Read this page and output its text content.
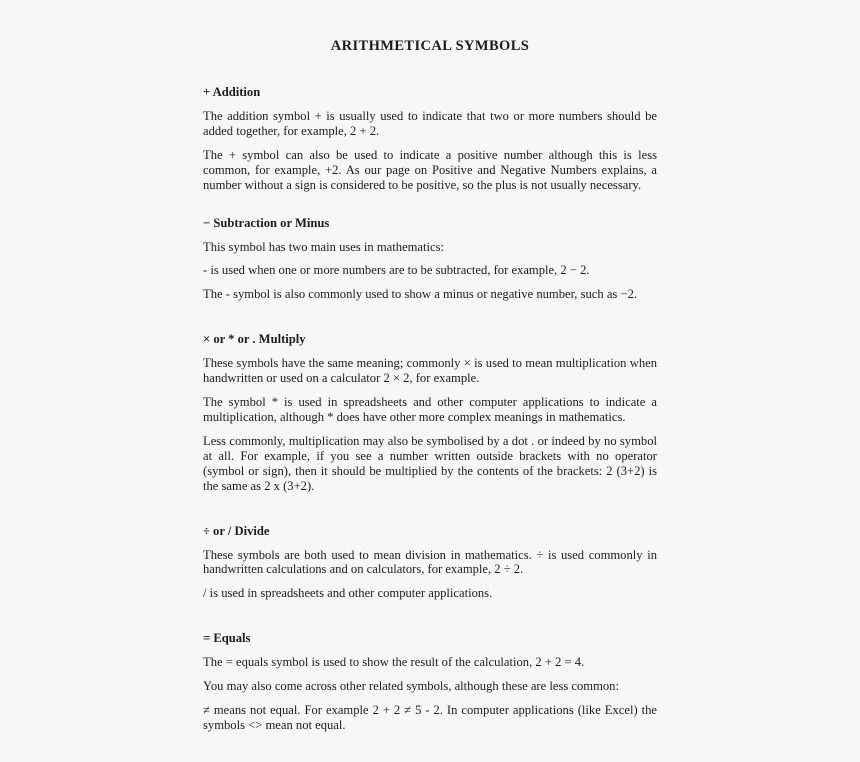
ARITHMETICAL SYMBOLS
+ Addition

The addition symbol + is usually used to indicate that two or more numbers should be added together, for example, 2 + 2.

The + symbol can also be used to indicate a positive number although this is less common, for example, +2. As our page on Positive and Negative Numbers explains, a number without a sign is considered to be positive, so the plus is not usually necessary.

− Subtraction or Minus

This symbol has two main uses in mathematics:

- is used when one or more numbers are to be subtracted, for example, 2 − 2.

The - symbol is also commonly used to show a minus or negative number, such as −2.

× or * or . Multiply

These symbols have the same meaning; commonly × is used to mean multiplication when handwritten or used on a calculator 2 × 2, for example.

The symbol * is used in spreadsheets and other computer applications to indicate a multiplication, although * does have other more complex meanings in mathematics.

Less commonly, multiplication may also be symbolised by a dot . or indeed by no symbol at all. For example, if you see a number written outside brackets with no operator (symbol or sign), then it should be multiplied by the contents of the brackets: 2 (3+2) is the same as 2 x (3+2).

÷ or / Divide

These symbols are both used to mean division in mathematics. ÷ is used commonly in handwritten calculations and on calculators, for example, 2 ÷ 2.

/ is used in spreadsheets and other computer applications.

= Equals

The = equals symbol is used to show the result of the calculation, 2 + 2 = 4.

You may also come across other related symbols, although these are less common:

≠ means not equal. For example 2 + 2 ≠ 5 - 2. In computer applications (like Excel) the symbols <> mean not equal.
